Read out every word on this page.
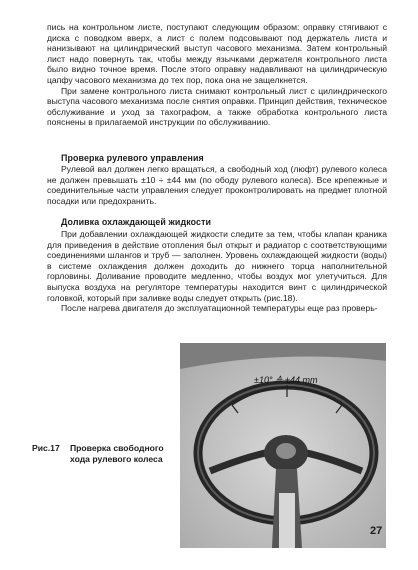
пись на контрольном листе, поступают следующим образом: оправку стягивают с диска с поводком вверх, а лист с полем подсовывают под держатель листа и нанизывают на цилиндрический выступ часового механизма. Затем контрольный лист надо повернуть так, чтобы между язычками держателя контрольного листа было видно точное время. После этого оправку надавливают на цилиндрическую цапфу часового механизма до тех пор, пока она не защелкнется.

При замене контрольного листа снимают контрольный лист с цилиндрического выступа часового механизма после снятия оправки. Принцип действия, техническое обслуживание и уход за тахографом, а также обработка контрольного листа пояснены в прилагаемой инструкции по обслуживанию.

Проверка рулевого управления

Рулевой вал должен легко вращаться, а свободный ход (люфт) рулевого колеса не должен превышать ±10 ÷ ±44 мм (по ободу рулевого колеса). Все крепежные и соединительные части управления следует проконтролировать на предмет плотной посадки или предохранить.

Доливка охлаждающей жидкости

При добавлении охлаждающей жидкости следите за тем, чтобы клапан краника для приведения в действие отопления был открыт и радиатор с соответствующими соединениями шлангов и труб — заполнен. Уровень охлаждающей жидкости (воды) в системе охлаждения должен доходить до нижнего торца наполнительной горловины. Доливание проводите медленно, чтобы воздух мог улетучиться. Для выпуска воздуха на регуляторе температуры находится винт с цилиндрической головкой, который при заливке воды следует открыть (рис.18).

После нагрева двигателя до эксплуатационной температуры еще раз проверь-

±10° ≙ ±44 mm
Рис.17 Проверка свободного
хода рулевого колеса
27
